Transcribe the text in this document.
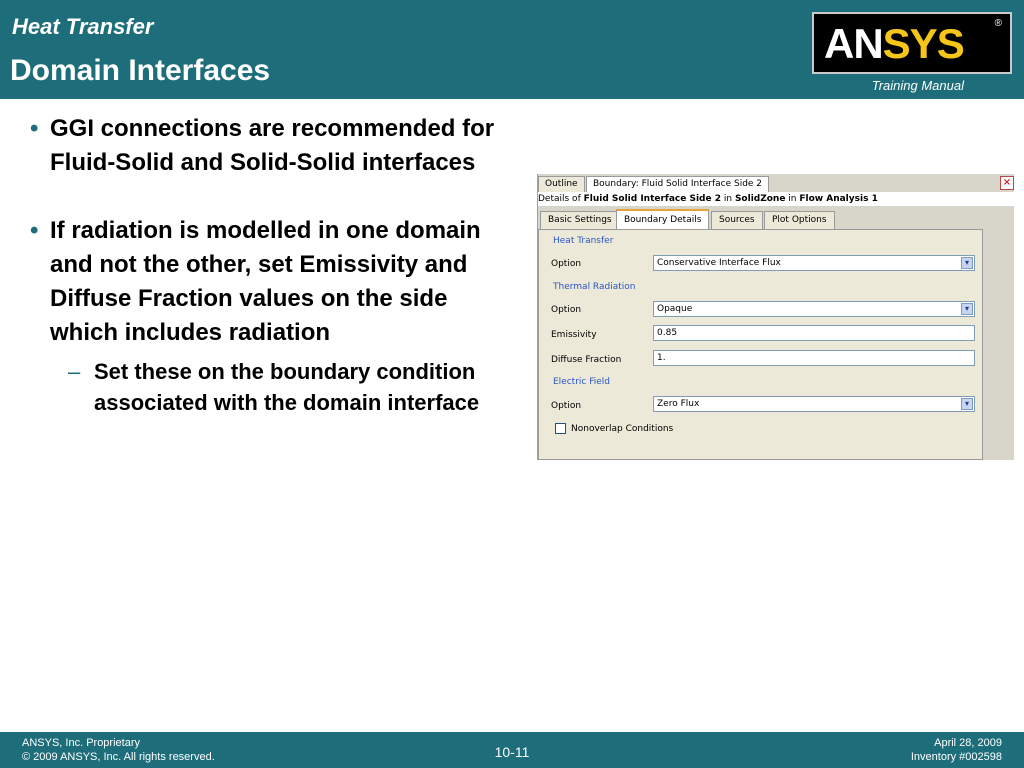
Heat Transfer
Domain Interfaces	Training Manual
ANSYS	®
• GGI connections are recommended for Fluid-Solid and Solid-Solid interfaces
• If radiation is modelled in one domain and not the other, set Emissivity and Diffuse Fraction values on the side which includes radiation
– Set these on the boundary condition associated with the domain interface
Outline	Boundary: Fluid Solid Interface Side 2	×
Details of Fluid Solid Interface Side 2 in SolidZone in Flow Analysis 1
Basic Settings	Boundary Details	Sources	Plot Options
Heat Transfer
Option	Conservative Interface Flux	▾
Thermal Radiation
Option	Opaque	▾
Emissivity	0.85
Diffuse Fraction	1.
Electric Field
Option	Zero Flux	▾
Nonoverlap Conditions
ANSYS, Inc. Proprietary
© 2009 ANSYS, Inc. All rights reserved.	10-11
April 28, 2009
Inventory #002598
